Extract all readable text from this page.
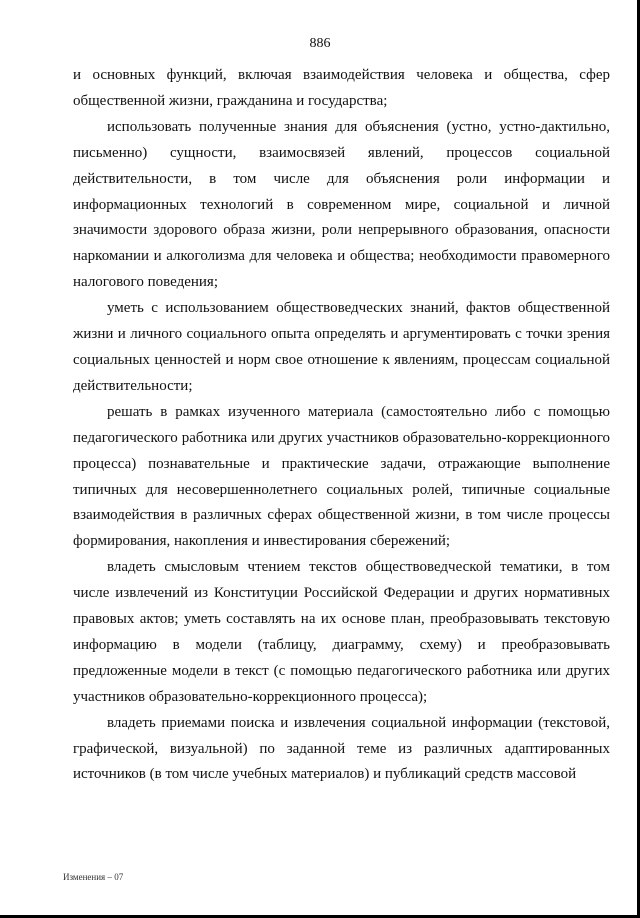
886

и основных функций, включая взаимодействия человека и общества, сфер общественной жизни, гражданина и государства;

использовать полученные знания для объяснения (устно, устно-дактильно, письменно) сущности, взаимосвязей явлений, процессов социальной действительности, в том числе для объяснения роли информации и информационных технологий в современном мире, социальной и личной значимости здорового образа жизни, роли непрерывного образования, опасности наркомании и алкоголизма для человека и общества; необходимости правомерного налогового поведения;

уметь с использованием обществоведческих знаний, фактов общественной жизни и личного социального опыта определять и аргументировать с точки зрения социальных ценностей и норм свое отношение к явлениям, процессам социальной действительности;

решать в рамках изученного материала (самостоятельно либо с помощью педагогического работника или других участников образовательно-коррекционного процесса) познавательные и практические задачи, отражающие выполнение типичных для несовершеннолетнего социальных ролей, типичные социальные взаимодействия в различных сферах общественной жизни, в том числе процессы формирования, накопления и инвестирования сбережений;

владеть смысловым чтением текстов обществоведческой тематики, в том числе извлечений из Конституции Российской Федерации и других нормативных правовых актов; уметь составлять на их основе план, преобразовывать текстовую информацию в модели (таблицу, диаграмму, схему) и преобразовывать предложенные модели в текст (с помощью педагогического работника или других участников образовательно-коррекционного процесса);

владеть приемами поиска и извлечения социальной информации (текстовой, графической, визуальной) по заданной теме из различных адаптированных источников (в том числе учебных материалов) и публикаций средств массовой

Изменения – 07
